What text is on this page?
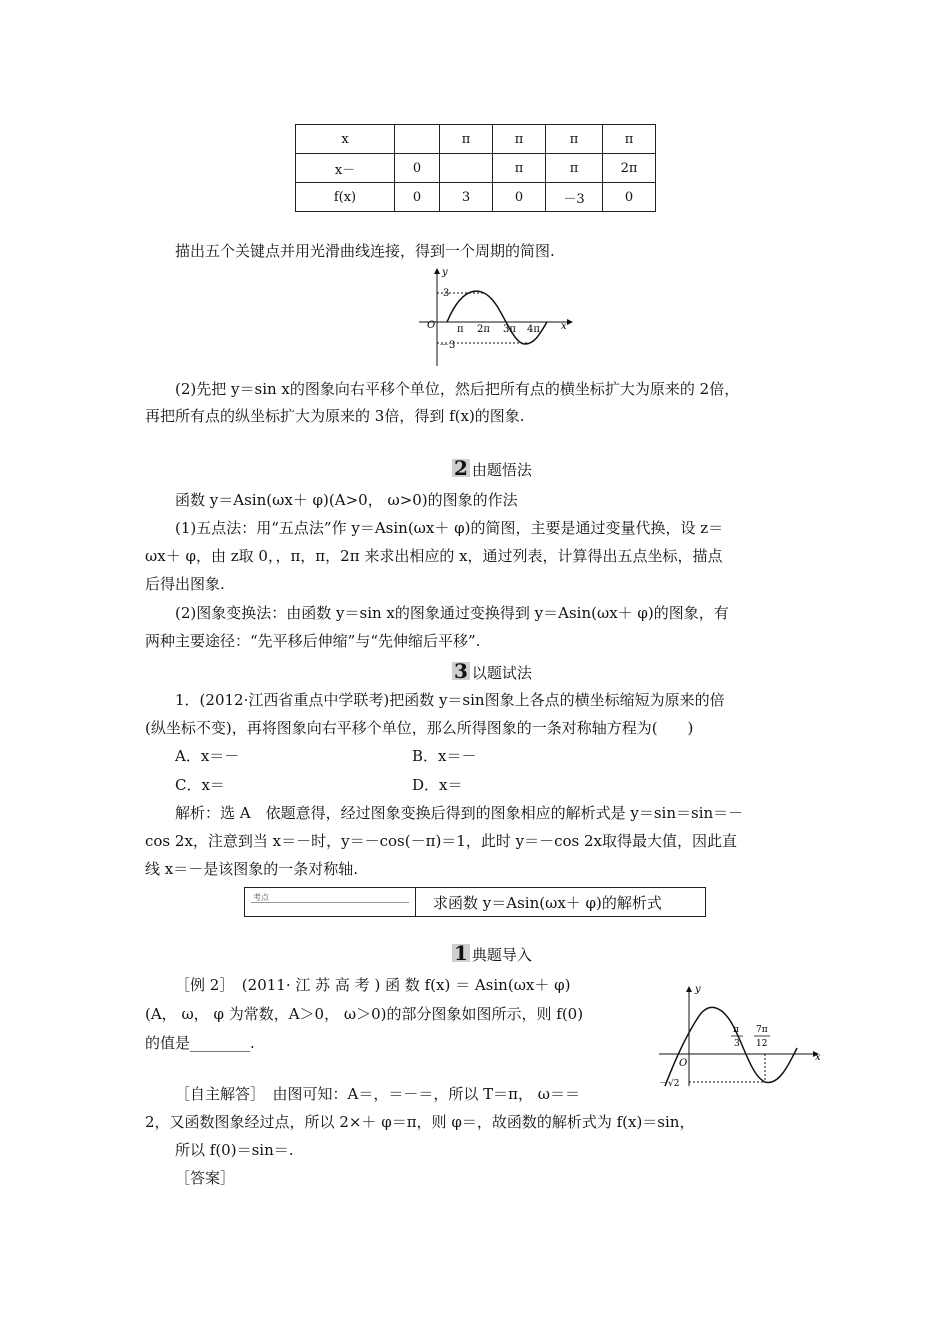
x		π	π	π	π
x－	0		π	π	2π
f(x)	0	3	0	－3	0
描出五个关键点并用光滑曲线连接，得到一个周期的简图.
y
x
O
3
－3
π 2π 3π 4π
(2)先把 y＝sin x的图象向右平移个单位，然后把所有点的横坐标扩大为原来的 2倍，
再把所有点的纵坐标扩大为原来的 3倍，得到 f(x)的图象.
2 由题悟法
函数 y＝Asin(ωx＋ φ)(A>0， ω>0)的图象的作法
(1)五点法：用“五点法”作 y＝Asin(ωx＋ φ)的简图，主要是通过变量代换，设 z＝
ωx＋ φ，由 z取 0，，π，π，2π 来求出相应的 x，通过列表，计算得出五点坐标，描点
后得出图象.
(2)图象变换法：由函数 y＝sin x的图象通过变换得到 y＝Asin(ωx＋ φ)的图象，有
两种主要途径：“先平移后伸缩”与“先伸缩后平移”.
3 以题试法
1．(2012·江西省重点中学联考)把函数 y＝sin图象上各点的横坐标缩短为原来的倍
(纵坐标不变)，再将图象向右平移个单位，那么所得图象的一条对称轴方程为(　　)
A．x＝－	B．x＝－
C．x＝	D．x＝
解析：选 A　依题意得，经过图象变换后得到的图象相应的解析式是 y＝sin＝sin＝－
cos 2x，注意到当 x＝－时，y＝－cos(－π)＝1，此时 y＝－cos 2x取得最大值，因此直
线 x＝－是该图象的一条对称轴.
考点	求函数 y＝Asin(ωx＋ φ)的解析式
1 典题导入
［例 2］　(2011· 江 苏 高 考 ) 函 数 f(x) ＝ Asin(ωx＋ φ)
(A， ω， φ 为常数，A＞0， ω＞0)的部分图象如图所示，则 f(0)
的值是________.
y
x
O
π
3
7π
12
－√2
［自主解答］　由图可知：A＝，＝－＝，所以 T＝π， ω＝＝
2，又函数图象经过点，所以 2×＋ φ＝π，则 φ＝，故函数的解析式为 f(x)＝sin，
所以 f(0)＝sin＝.
［答案］
